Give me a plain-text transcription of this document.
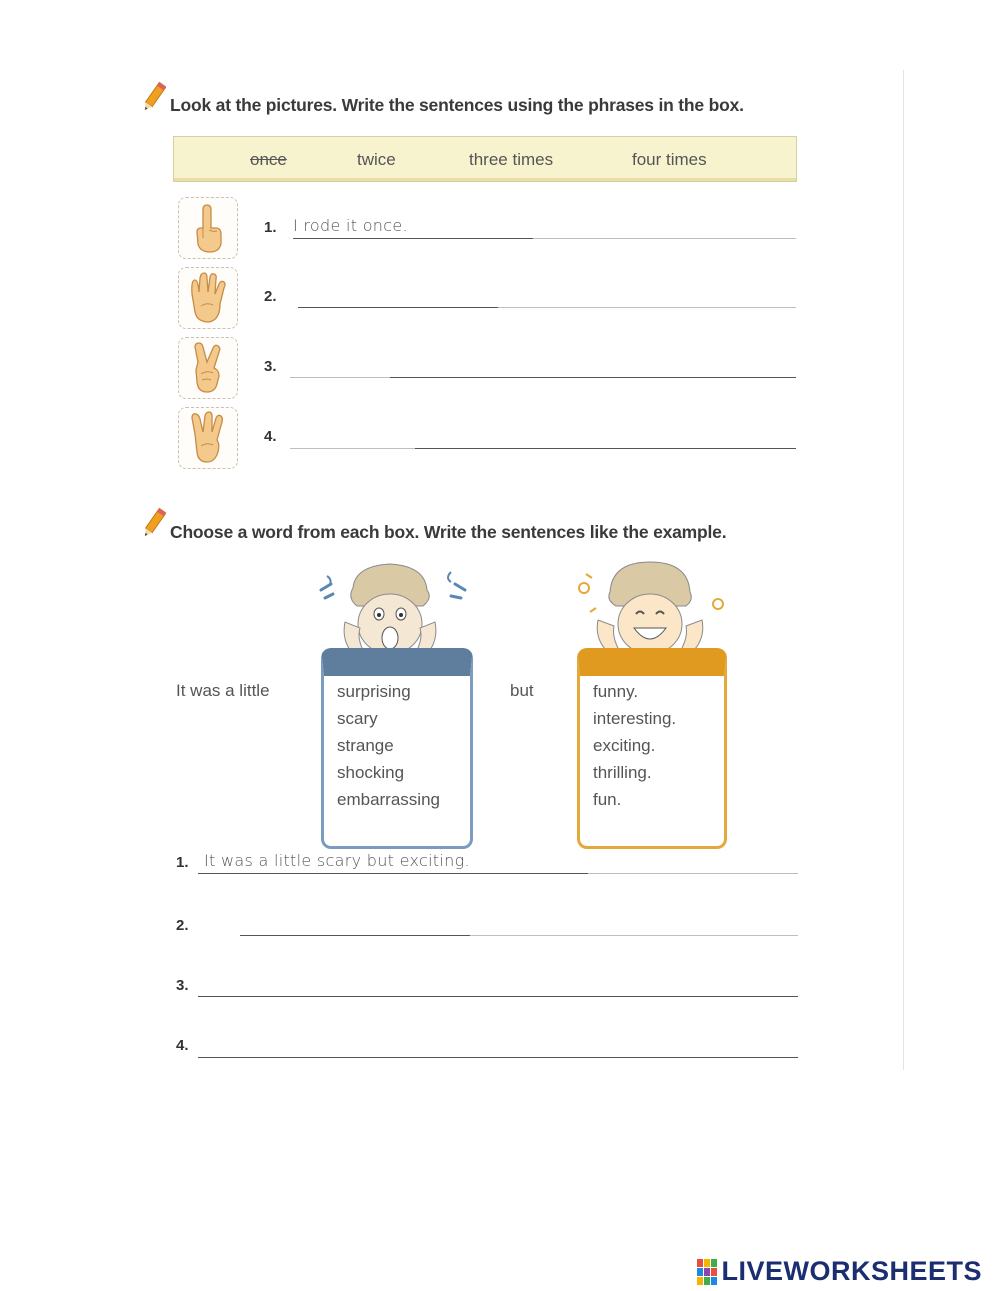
Look at the pictures. Write the sentences using the phrases in the box.
once	twice	three times	four times
1. I rode it once.
2.
3.
4.
Choose a word from each box. Write the sentences like the example.
It was a little	surprising
scary
strange
shocking
embarrassing
but	funny.
interesting.
exciting.
thrilling.
fun.
1. It was a little scary but exciting.
2.
3.
4.
LIVEWORKSHEETS
